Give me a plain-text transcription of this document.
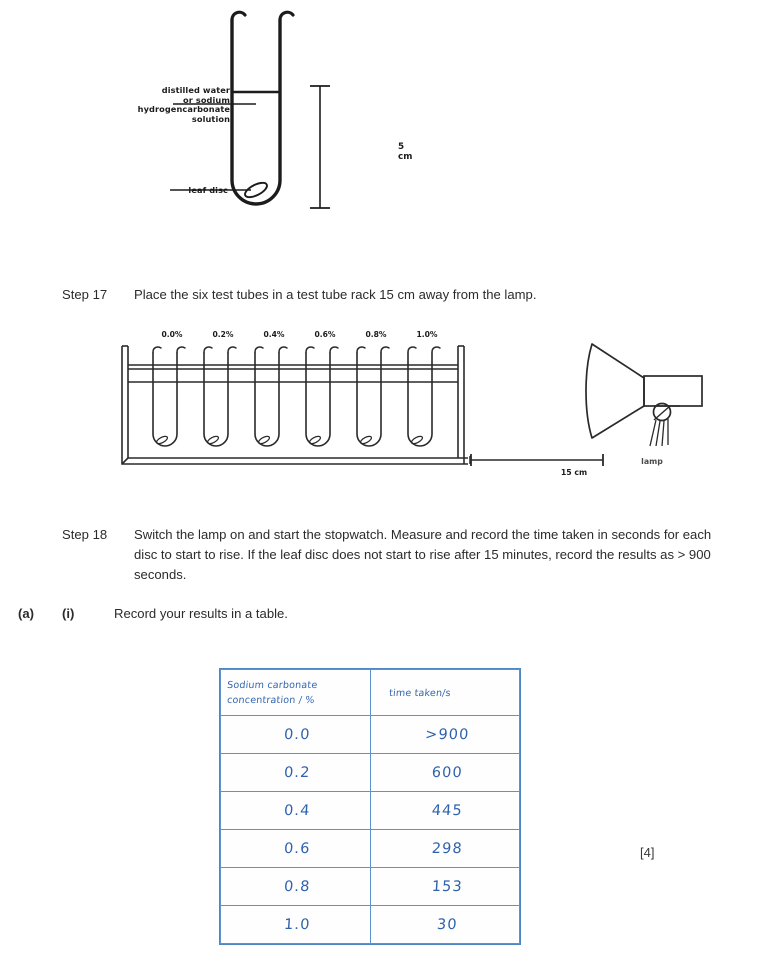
distilled water
or sodium
hydrogencarbonate
solution
leaf disc
5 cm
Step 17	Place the six test tubes in a test tube rack 15 cm away from the lamp.
0.0%	0.2%	0.4%	0.6%	0.8%	1.0%
15 cm
lamp
Step 18	Switch the lamp on and start the stopwatch. Measure and record the time taken in seconds for each disc to start to rise. If the leaf disc does not start to rise after 15 minutes, record the results as > 900 seconds.
(a)	(i)	Record your results in a table.
Sodium carbonate
concentration / %	time taken/s

0.0	>900

0.2	600

0.4	445

0.6	298

0.8	153

1.0	30
[4]
